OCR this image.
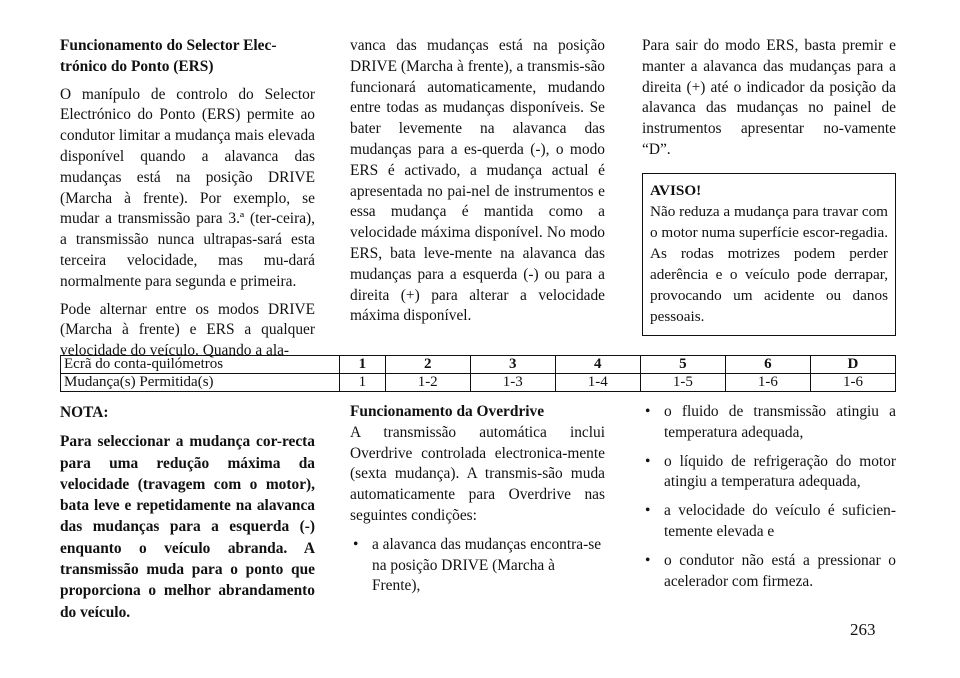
Funcionamento do Selector Elec-trónico do Ponto (ERS)

O manípulo de controlo do Selector Electrónico do Ponto (ERS) permite ao condutor limitar a mudança mais elevada disponível quando a alavanca das mudanças está na posição DRIVE (Marcha à frente). Por exemplo, se mudar a transmissão para 3.ª (ter-ceira), a transmissão nunca ultrapas-sará esta terceira velocidade, mas mu-dará normalmente para segunda e primeira.

Pode alternar entre os modos DRIVE (Marcha à frente) e ERS a qualquer velocidade do veículo. Quando a ala-

vanca das mudanças está na posição DRIVE (Marcha à frente), a transmis-são funcionará automaticamente, mudando entre todas as mudanças disponíveis. Se bater levemente na alavanca das mudanças para a es-querda (-), o modo ERS é activado, a mudança actual é apresentada no pai-nel de instrumentos e essa mudança é mantida como a velocidade máxima disponível. No modo ERS, bata leve-mente na alavanca das mudanças para a esquerda (-) ou para a direita (+) para alterar a velocidade máxima disponível.

Para sair do modo ERS, basta premir e manter a alavanca das mudanças para a direita (+) até o indicador da posição da alavanca das mudanças no painel de instrumentos apresentar no-vamente “D”.

AVISO!

Não reduza a mudança para travar com o motor numa superfície escor-regadia. As rodas motrizes podem perder aderência e o veículo pode derrapar, provocando um acidente ou danos pessoais.

Ecrã do conta-quilómetros	1	2	3	4	5	6	D
Mudança(s) Permitida(s)	1	1-2	1-3	1-4	1-5	1-6	1-6

NOTA:

Para seleccionar a mudança cor-recta para uma redução máxima da velocidade (travagem com o motor), bata leve e repetidamente na alavanca das mudanças para a esquerda (-) enquanto o veículo abranda. A transmissão muda para o ponto que proporciona o melhor abrandamento do veículo.

Funcionamento da Overdrive

A transmissão automática inclui Overdrive controlada electronica-mente (sexta mudança). A transmis-são muda automaticamente para Overdrive nas seguintes condições:

• a alavanca das mudanças encontra-se na posição DRIVE (Marcha à Frente),
• o fluido de transmissão atingiu a temperatura adequada,
• o líquido de refrigeração do motor atingiu a temperatura adequada,
• a velocidade do veículo é suficien-temente elevada e
• o condutor não está a pressionar o acelerador com firmeza.
263
